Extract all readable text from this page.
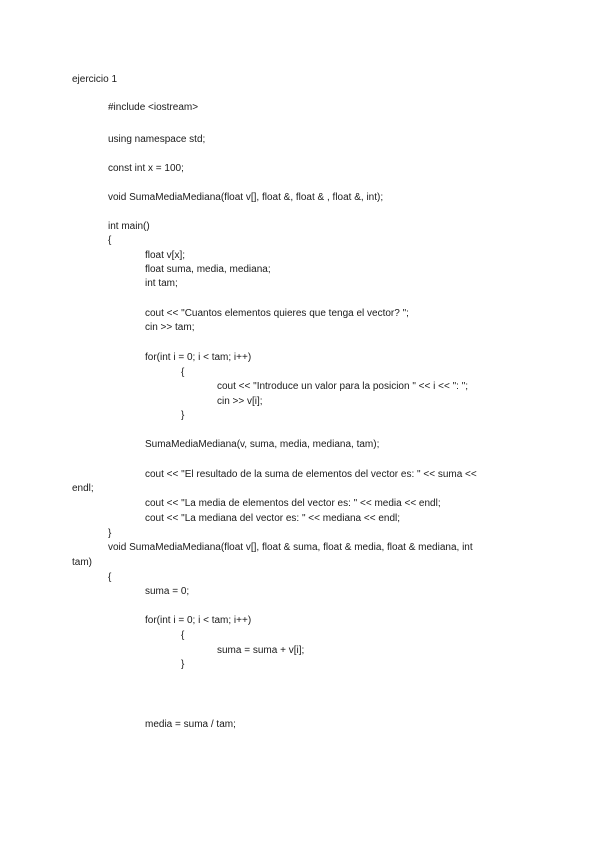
ejercicio 1
#include <iostream>
using namespace std;
const int x = 100;
void SumaMediaMediana(float v[], float &, float & , float &, int);
int main()
{
float v[x];
float suma, media, mediana;
int tam;
cout << "Cuantos elementos quieres que tenga el vector? ";
cin >> tam;
for(int i = 0; i < tam; i++)
{
cout << "Introduce un valor para la posicion " << i << ": ";
cin >> v[i];
}
SumaMediaMediana(v, suma, media, mediana, tam);
cout << "El resultado de la suma de elementos del vector es: " << suma <<
endl;
cout << "La media de elementos del vector es: " << media << endl;
cout << "La mediana del vector es: " << mediana << endl;
}
void SumaMediaMediana(float v[], float & suma, float & media, float & mediana, int
tam)
{
suma = 0;
for(int i = 0; i < tam; i++)
{
suma = suma + v[i];
}
media = suma / tam;
